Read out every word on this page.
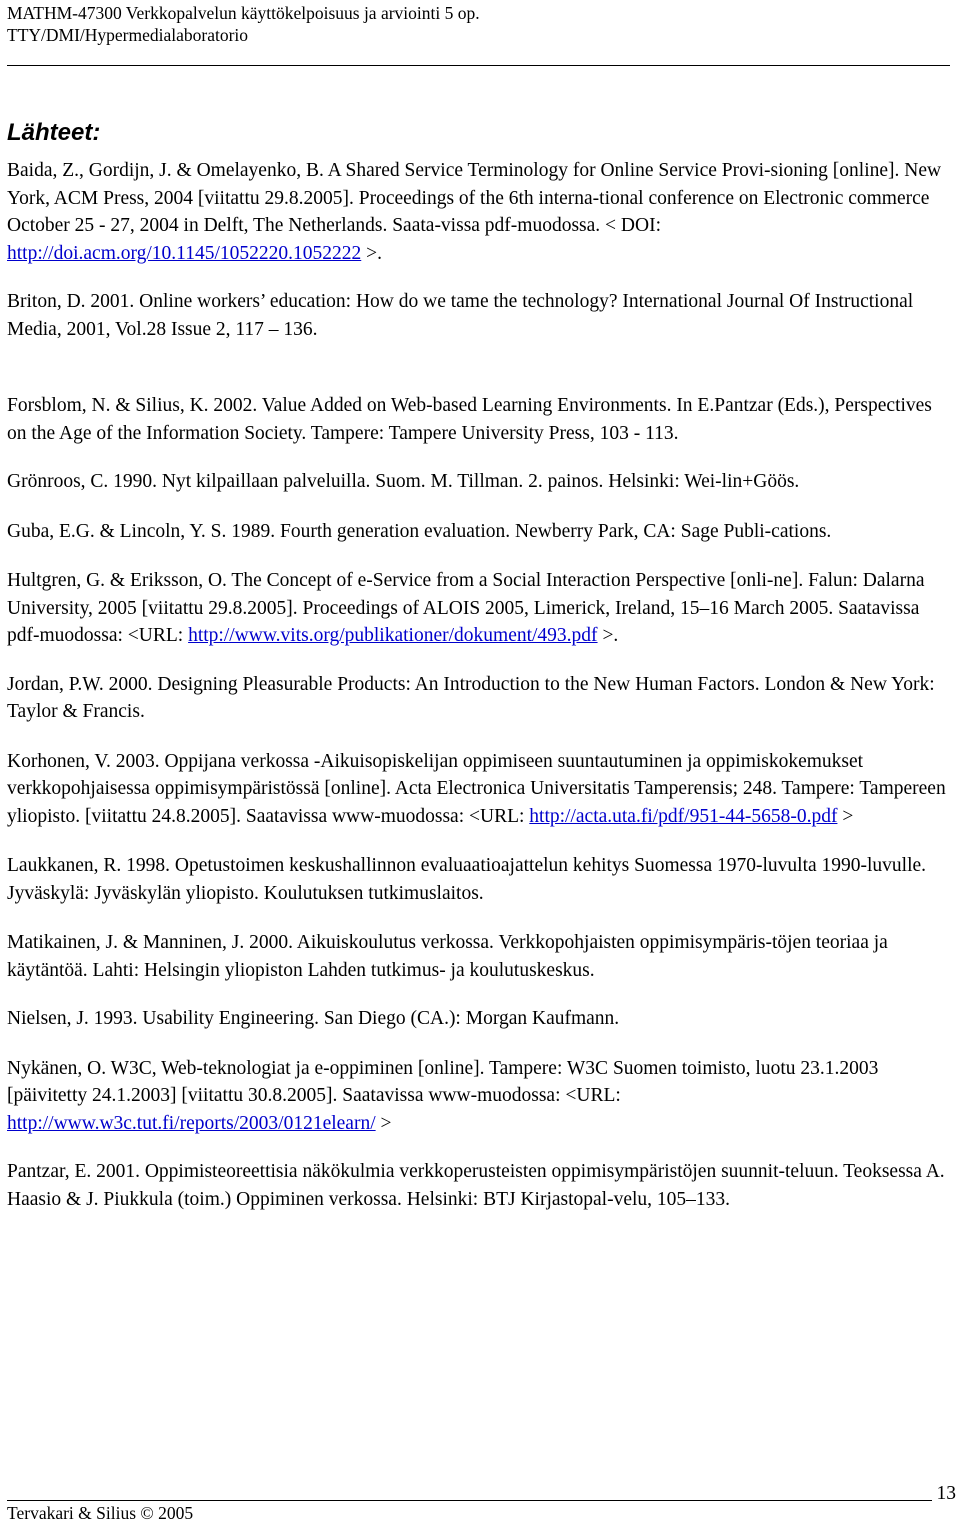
MATHM-47300 Verkkopalvelun käyttökelpoisuus ja arviointi 5 op.
TTY/DMI/Hypermedialaboratorio
Lähteet:

Baida, Z., Gordijn, J. & Omelayenko, B. A Shared Service Terminology for Online Service Provi-sioning [online]. New York, ACM Press, 2004 [viitattu 29.8.2005]. Proceedings of the 6th interna-tional conference on Electronic commerce October 25 - 27, 2004 in Delft, The Netherlands. Saata-vissa pdf-muodossa. < DOI: http://doi.acm.org/10.1145/1052220.1052222 >.

Briton, D. 2001. Online workers’ education: How do we tame the technology? International Journal Of Instructional Media, 2001, Vol.28 Issue 2, 117 – 136.

Forsblom, N. & Silius, K. 2002. Value Added on Web-based Learning Environments. In E.Pantzar (Eds.), Perspectives on the Age of the Information Society. Tampere: Tampere University Press, 103 - 113.

Grönroos, C. 1990. Nyt kilpaillaan palveluilla. Suom. M. Tillman. 2. painos. Helsinki: Wei-lin+Göös.

Guba, E.G. & Lincoln, Y. S. 1989. Fourth generation evaluation. Newberry Park, CA: Sage Publi-cations.

Hultgren, G. & Eriksson, O. The Concept of e-Service from a Social Interaction Perspective [onli-ne]. Falun: Dalarna University, 2005 [viitattu 29.8.2005]. Proceedings of ALOIS 2005, Limerick, Ireland, 15–16 March 2005. Saatavissa pdf-muodossa: <URL: http://www.vits.org/publikationer/dokument/493.pdf >.

Jordan, P.W. 2000. Designing Pleasurable Products: An Introduction to the New Human Factors. London & New York: Taylor & Francis.

Korhonen, V. 2003. Oppijana verkossa -Aikuisopiskelijan oppimiseen suuntautuminen ja oppimiskokemukset verkkopohjaisessa oppimisympäristössä [online]. Acta Electronica Universitatis Tamperensis; 248. Tampere: Tampereen yliopisto. [viitattu 24.8.2005]. Saatavissa www-muodossa: <URL: http://acta.uta.fi/pdf/951-44-5658-0.pdf >

Laukkanen, R. 1998. Opetustoimen keskushallinnon evaluaatioajattelun kehitys Suomessa 1970-luvulta 1990-luvulle. Jyväskylä: Jyväskylän yliopisto. Koulutuksen tutkimuslaitos.

Matikainen, J. & Manninen, J. 2000. Aikuiskoulutus verkossa. Verkkopohjaisten oppimisympäris-töjen teoriaa ja käytäntöä. Lahti: Helsingin yliopiston Lahden tutkimus- ja koulutuskeskus.

Nielsen, J. 1993. Usability Engineering. San Diego (CA.): Morgan Kaufmann.

Nykänen, O. W3C, Web-teknologiat ja e-oppiminen [online]. Tampere: W3C Suomen toimisto, luotu 23.1.2003 [päivitetty 24.1.2003] [viitattu 30.8.2005]. Saatavissa www-muodossa: <URL: http://www.w3c.tut.fi/reports/2003/0121elearn/ >

Pantzar, E. 2001. Oppimisteoreettisia näkökulmia verkkoperusteisten oppimisympäristöjen suunnit-teluun. Teoksessa A. Haasio & J. Piukkula (toim.) Oppiminen verkossa. Helsinki: BTJ Kirjastopal-velu, 105–133.

13
Tervakari & Silius © 2005
